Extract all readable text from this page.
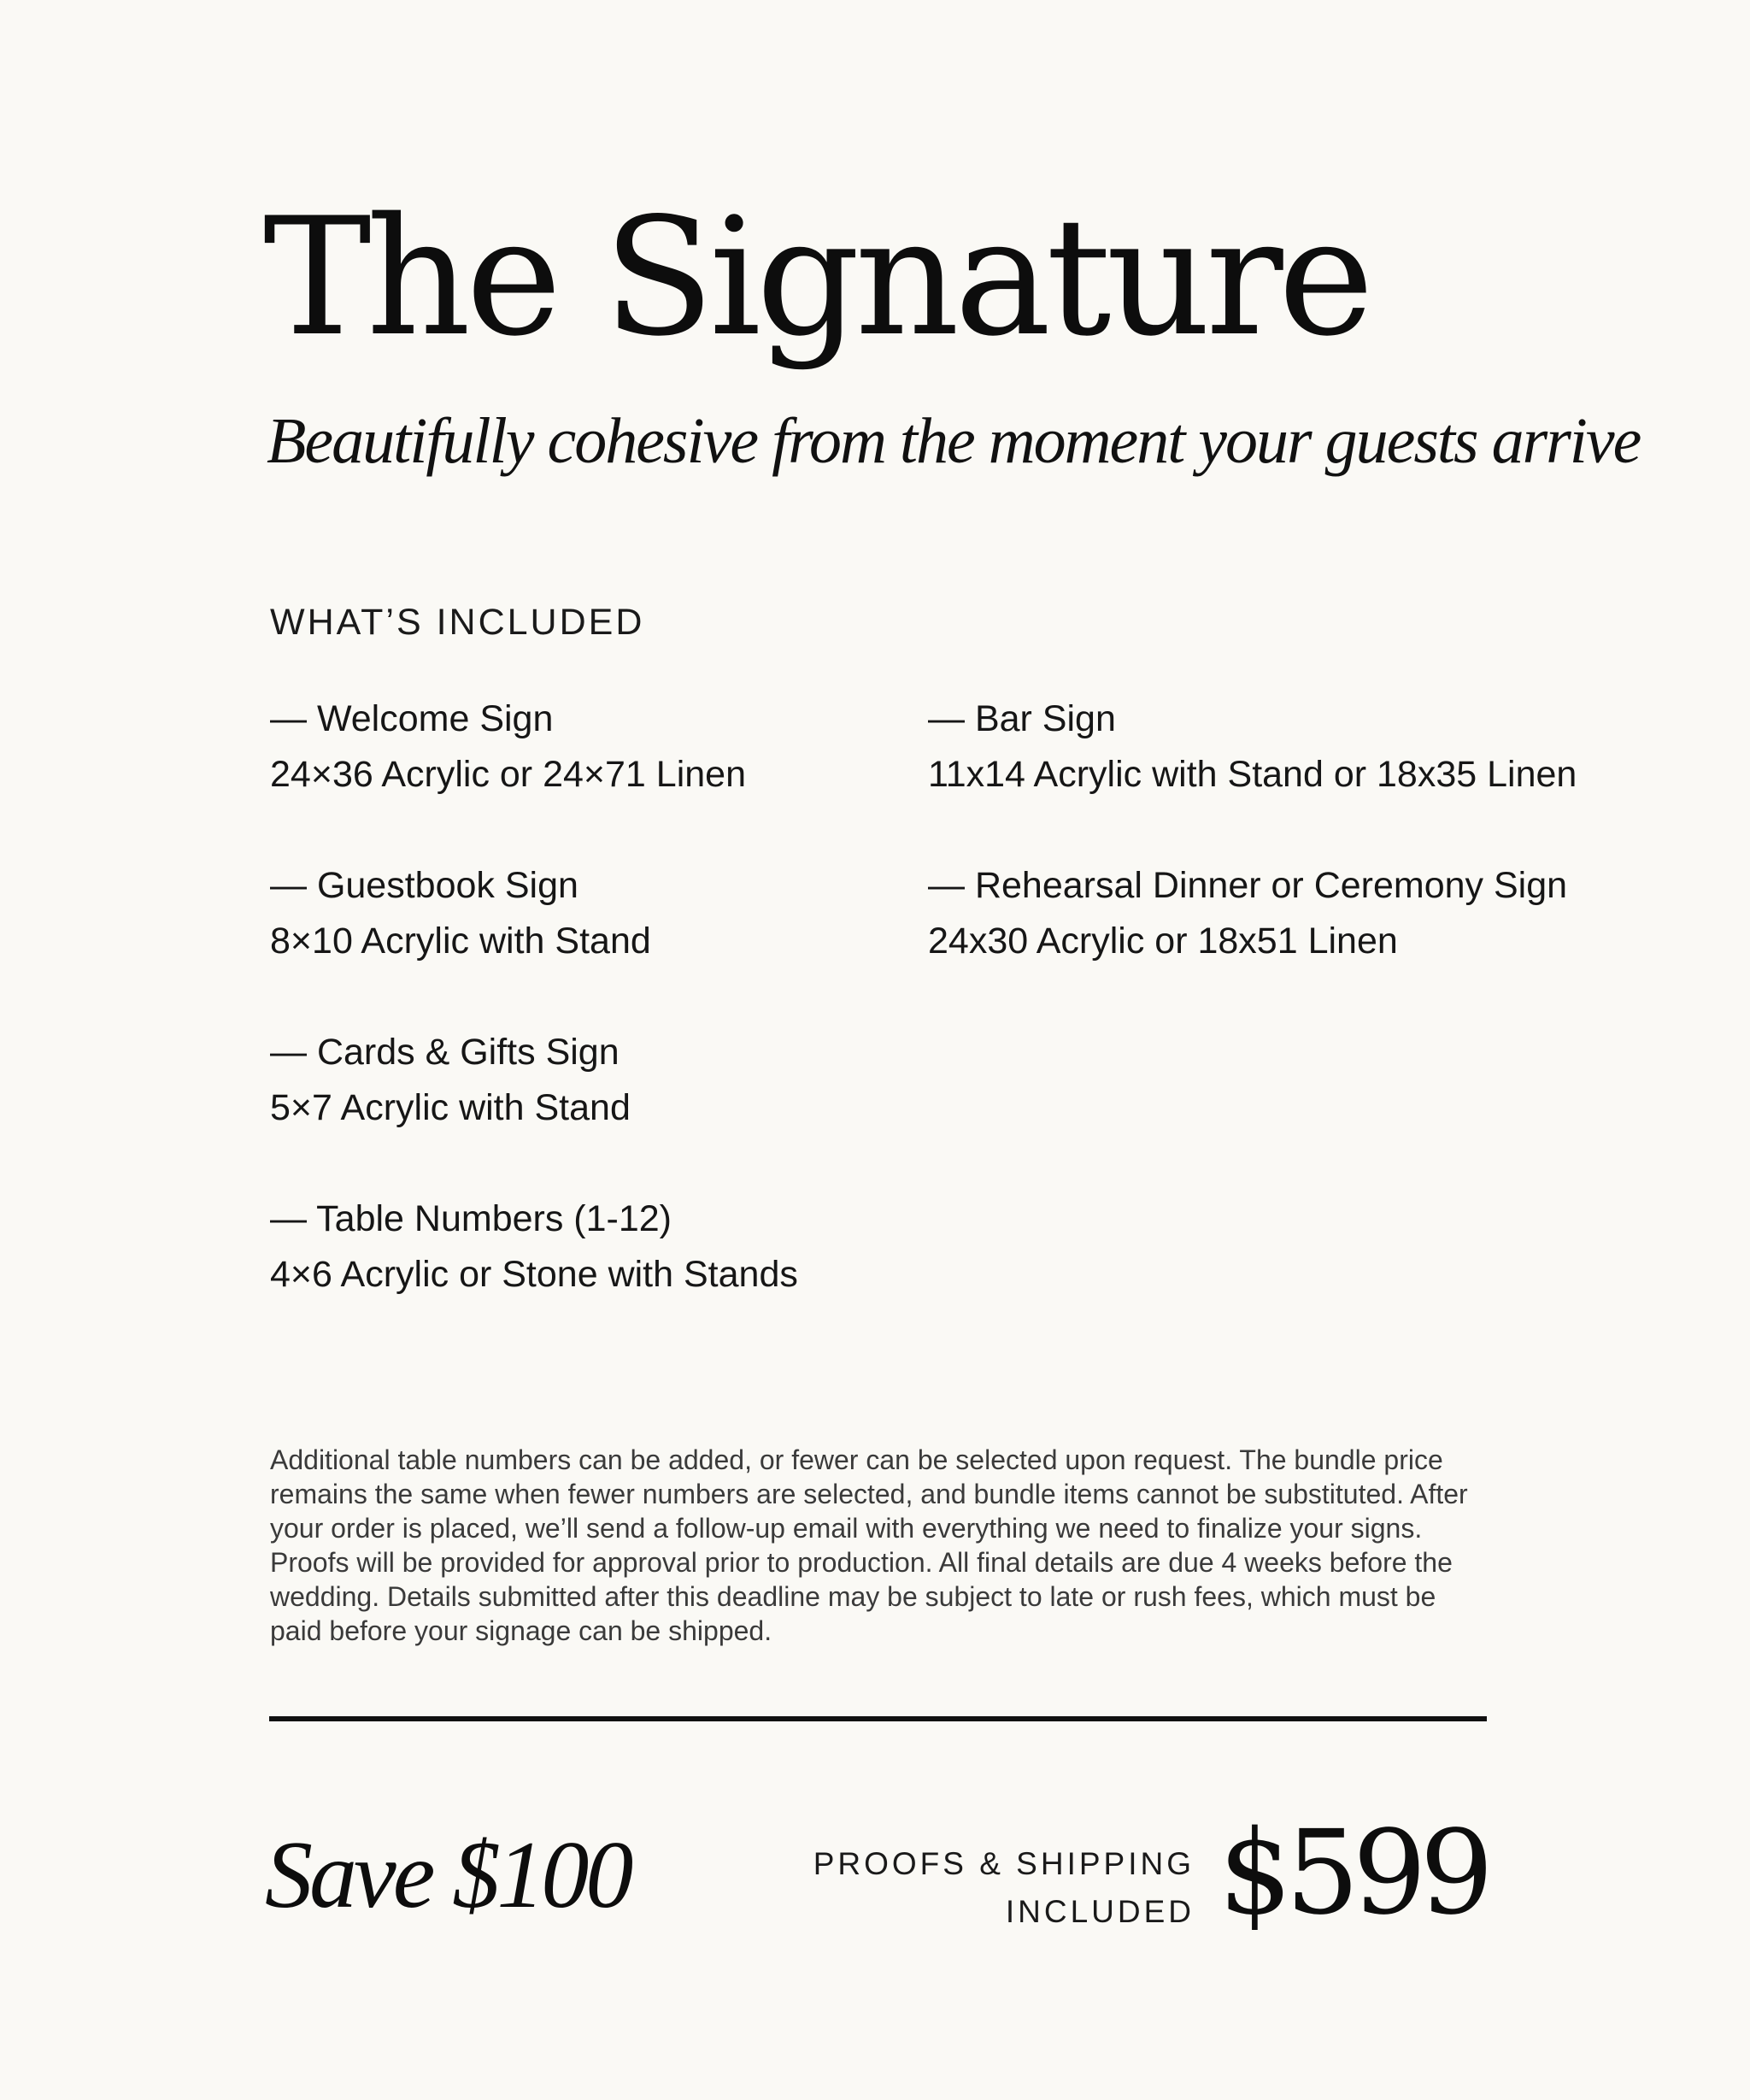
The Signature

Beautifully cohesive from the moment your guests arrive

WHAT’S INCLUDED
— Welcome Sign
24×36 Acrylic or 24×71 Linen
— Guestbook Sign
8×10 Acrylic with Stand
— Cards & Gifts Sign
5×7 Acrylic with Stand
— Table Numbers (1-12)
4×6 Acrylic or Stone with Stands
— Bar Sign
11x14 Acrylic with Stand or 18x35 Linen
— Rehearsal Dinner or Ceremony Sign
24x30 Acrylic or 18x51 Linen

Additional table numbers can be added, or fewer can be selected upon request. The bundle price remains the same when fewer numbers are selected, and bundle items cannot be substituted. After your order is placed, we’ll send a follow-up email with everything we need to finalize your signs. Proofs will be provided for approval prior to production. All final details are due 4 weeks before the wedding. Details submitted after this deadline may be subject to late or rush fees, which must be paid before your signage can be shipped.

Save $100	PROOFS & SHIPPING
INCLUDED $599
